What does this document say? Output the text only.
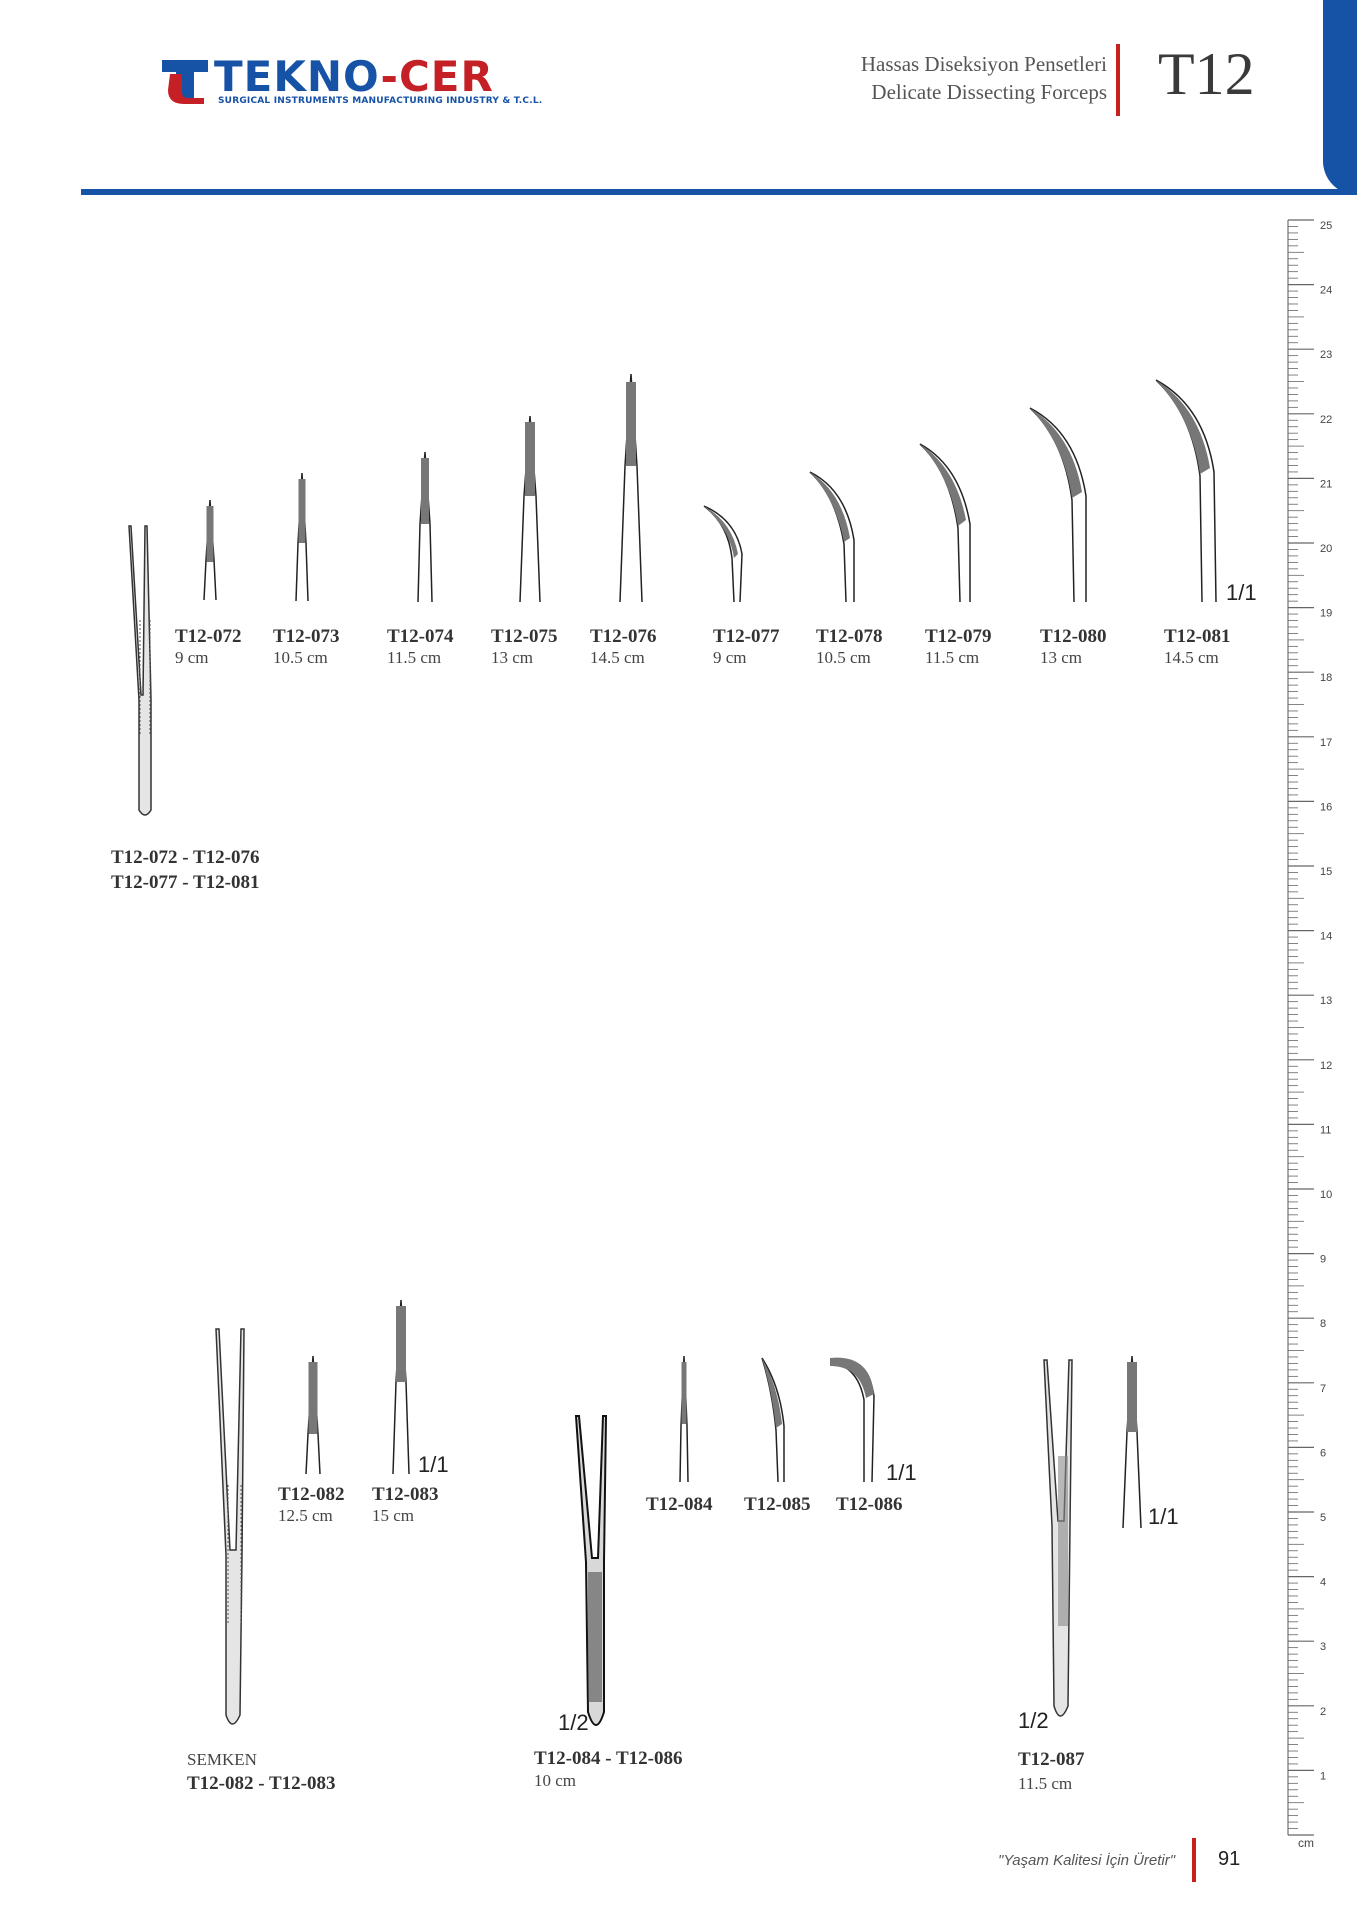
TEKNO-CER
SURGICAL INSTRUMENTS MANUFACTURING INDUSTRY & T.C.L.
Hassas Diseksiyon Pensetleri
Delicate Dissecting Forceps T12
1/1
T12-072
9 cm
T12-073
10.5 cm
T12-074
11.5 cm
T12-075
13 cm
T12-076
14.5 cm
T12-077
9 cm
T12-078
10.5 cm
T12-079
11.5 cm
T12-080
13 cm
T12-081
14.5 cm
T12-072 - T12-076
T12-077 - T12-081
1/1
T12-082
12.5 cm
T12-083
15 cm
SEMKEN
T12-082 - T12-083
1/2
1/1
T12-084 T12-085 T12-086
T12-084 - T12-086
10 cm
1/2
1/1
T12-087
11.5 cm
25
24
23
22
21
20
19
18
17
16
15
14
13
12
11
10
9
8
7
6
5
4
3
2
1
cm
"Yaşam Kalitesi İçin Üretir" 91
